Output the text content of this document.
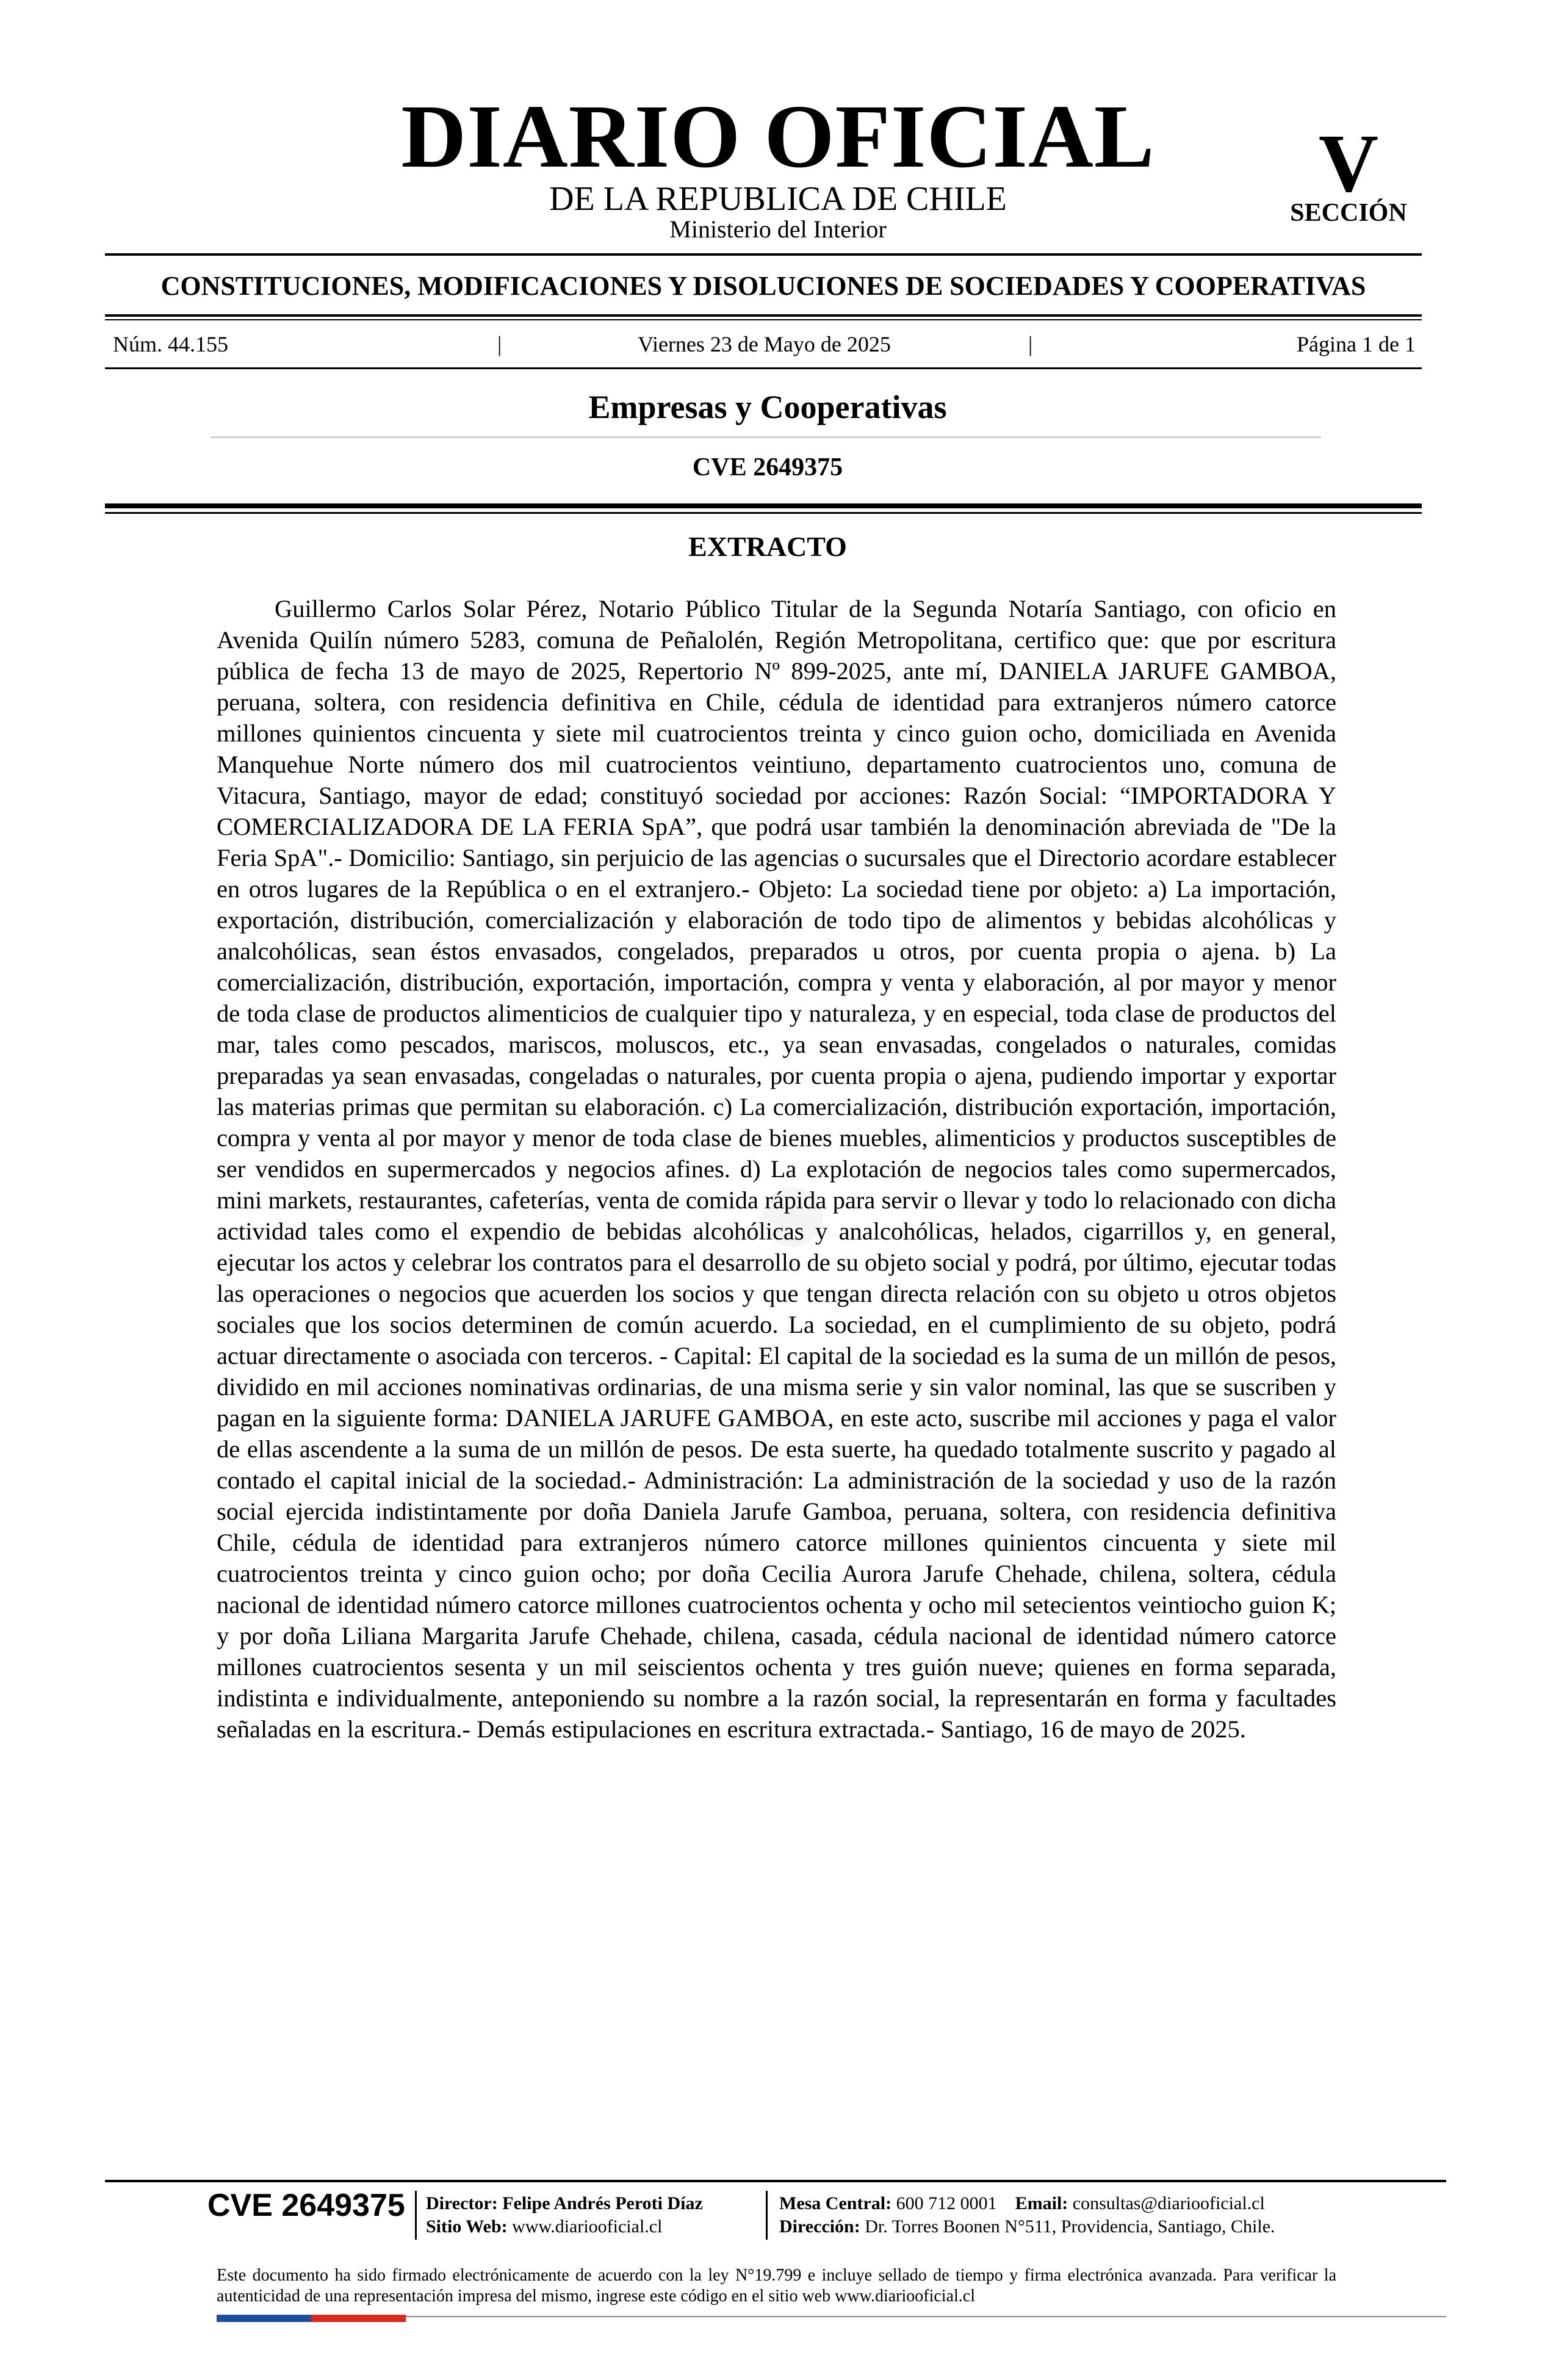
DIARIO OFICIAL
DE LA REPUBLICA DE CHILE
Ministerio del Interior
V
SECCIÓN
CONSTITUCIONES, MODIFICACIONES Y DISOLUCIONES DE SOCIEDADES Y COOPERATIVAS
Núm. 44.155	|	Viernes 23 de Mayo de 2025	|	Página 1 de 1
Empresas y Cooperativas
CVE 2649375
EXTRACTO

Guillermo Carlos Solar Pérez, Notario Público Titular de la Segunda Notaría Santiago, con oficio en Avenida Quilín número 5283, comuna de Peñalolén, Región Metropolitana, certifico que: que por escritura pública de fecha 13 de mayo de 2025, Repertorio Nº 899-2025, ante mí, DANIELA JARUFE GAMBOA, peruana, soltera, con residencia definitiva en Chile, cédula de identidad para extranjeros número catorce millones quinientos cincuenta y siete mil cuatrocientos treinta y cinco guion ocho, domiciliada en Avenida Manquehue Norte número dos mil cuatrocientos veintiuno, departamento cuatrocientos uno, comuna de Vitacura, Santiago, mayor de edad; constituyó sociedad por acciones: Razón Social: “IMPORTADORA Y COMERCIALIZADORA DE LA FERIA SpA”, que podrá usar también la denominación abreviada de "De la Feria SpA".- Domicilio: Santiago, sin perjuicio de las agencias o sucursales que el Directorio acordare establecer en otros lugares de la República o en el extranjero.- Objeto: La sociedad tiene por objeto: a) La importación, exportación, distribución, comercialización y elaboración de todo tipo de alimentos y bebidas alcohólicas y analcohólicas, sean éstos envasados, congelados, preparados u otros, por cuenta propia o ajena. b) La comercialización, distribución, exportación, importación, compra y venta y elaboración, al por mayor y menor de toda clase de productos alimenticios de cualquier tipo y naturaleza, y en especial, toda clase de productos del mar, tales como pescados, mariscos, moluscos, etc., ya sean envasadas, congelados o naturales, comidas preparadas ya sean envasadas, congeladas o naturales, por cuenta propia o ajena, pudiendo importar y exportar las materias primas que permitan su elaboración. c) La comercialización, distribución exportación, importación, compra y venta al por mayor y menor de toda clase de bienes muebles, alimenticios y productos susceptibles de ser vendidos en supermercados y negocios afines. d) La explotación de negocios tales como supermercados, mini markets, restaurantes, cafeterías, venta de comida rápida para servir o llevar y todo lo relacionado con dicha actividad tales como el expendio de bebidas alcohólicas y analcohólicas, helados, cigarrillos y, en general, ejecutar los actos y celebrar los contratos para el desarrollo de su objeto social y podrá, por último, ejecutar todas las operaciones o negocios que acuerden los socios y que tengan directa relación con su objeto u otros objetos sociales que los socios determinen de común acuerdo. La sociedad, en el cumplimiento de su objeto, podrá actuar directamente o asociada con terceros. - Capital: El capital de la sociedad es la suma de un millón de pesos, dividido en mil acciones nominativas ordinarias, de una misma serie y sin valor nominal, las que se suscriben y pagan en la siguiente forma: DANIELA JARUFE GAMBOA, en este acto, suscribe mil acciones y paga el valor de ellas ascendente a la suma de un millón de pesos. De esta suerte, ha quedado totalmente suscrito y pagado al contado el capital inicial de la sociedad.- Administración: La administración de la sociedad y uso de la razón social ejercida indistintamente por doña Daniela Jarufe Gamboa, peruana, soltera, con residencia definitiva Chile, cédula de identidad para extranjeros número catorce millones quinientos cincuenta y siete mil cuatrocientos treinta y cinco guion ocho; por doña Cecilia Aurora Jarufe Chehade, chilena, soltera, cédula nacional de identidad número catorce millones cuatrocientos ochenta y ocho mil setecientos veintiocho guion K; y por doña Liliana Margarita Jarufe Chehade, chilena, casada, cédula nacional de identidad número catorce millones cuatrocientos sesenta y un mil seiscientos ochenta y tres guión nueve; quienes en forma separada, indistinta e individualmente, anteponiendo su nombre a la razón social, la representarán en forma y facultades señaladas en la escritura.- Demás estipulaciones en escritura extractada.- Santiago, 16 de mayo de 2025.

CVE 2649375 Director: Felipe Andrés Peroti Díaz
Sitio Web: www.diariooficial.cl
Mesa Central: 600 712 0001 Email: consultas@diariooficial.cl
Dirección: Dr. Torres Boonen N°511, Providencia, Santiago, Chile.
Este documento ha sido firmado electrónicamente de acuerdo con la ley N°19.799 e incluye sellado de tiempo y firma electrónica avanzada. Para verificar la autenticidad de una representación impresa del mismo, ingrese este código en el sitio web www.diariooficial.cl
